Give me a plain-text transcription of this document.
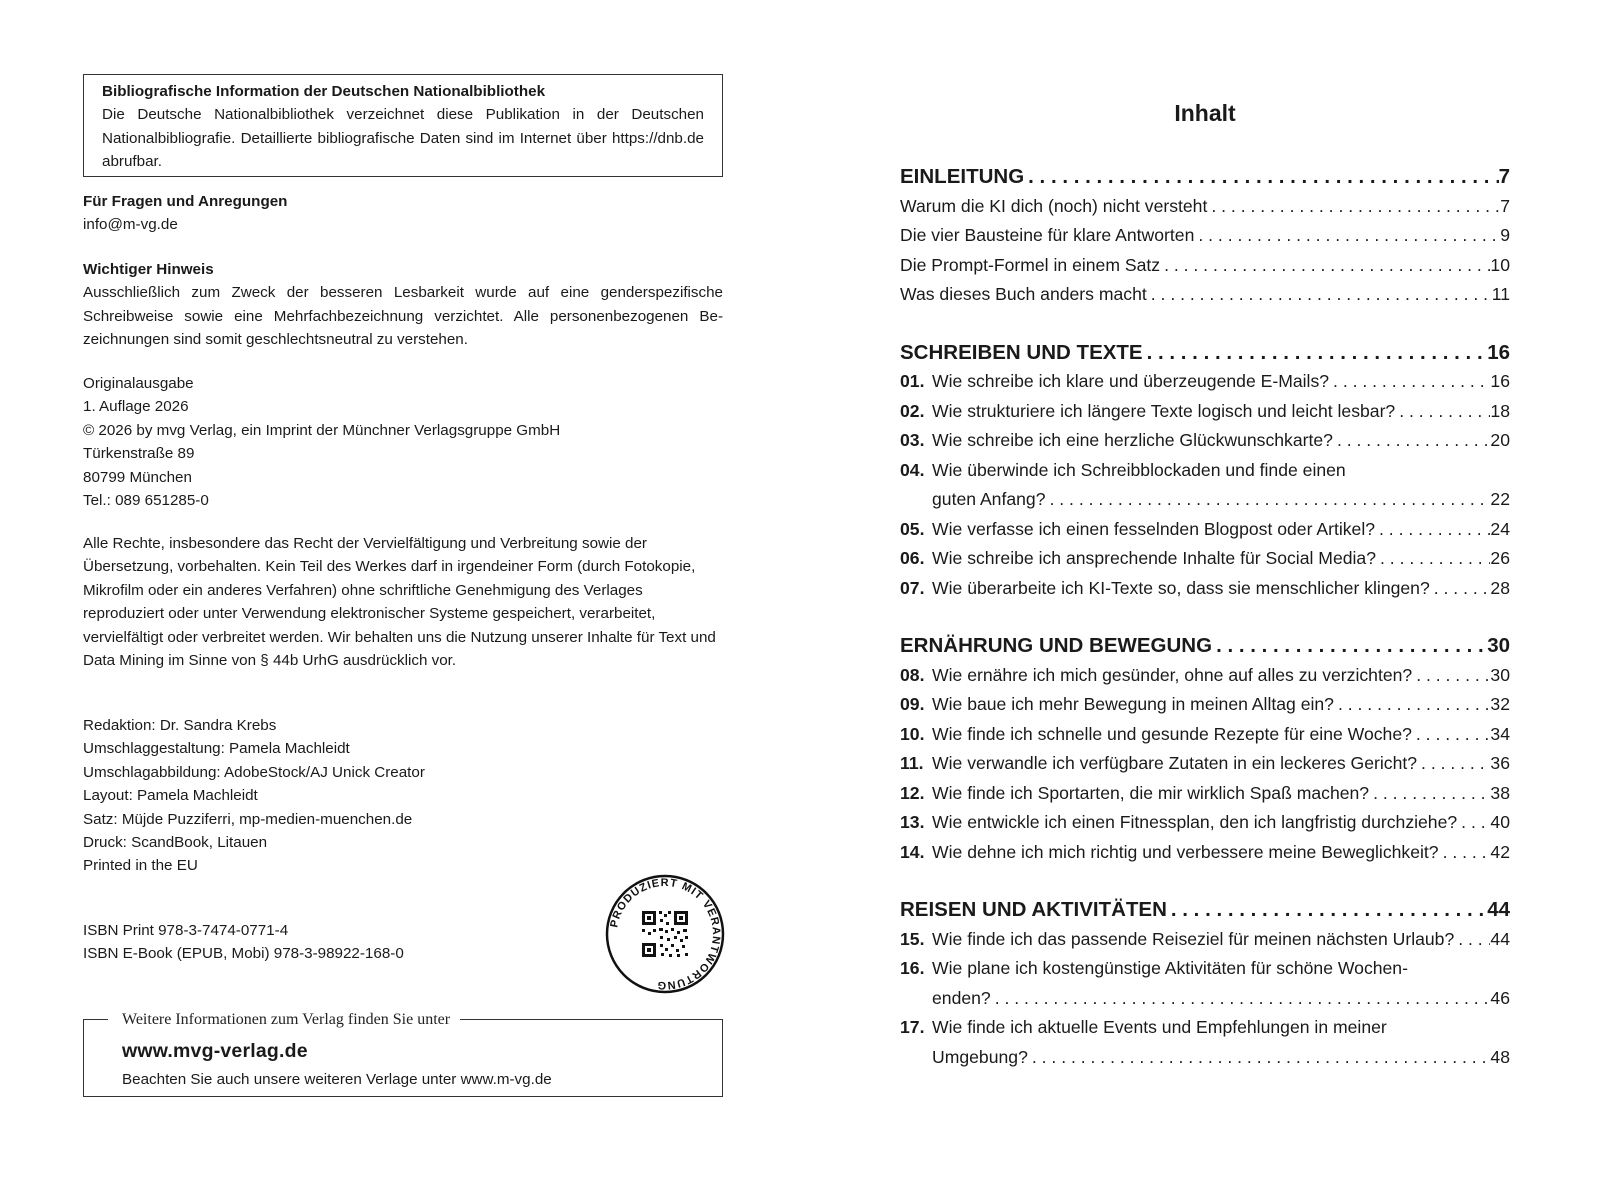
Bibliografische Information der Deutschen Nationalbibliothek
Die Deutsche Nationalbibliothek verzeichnet diese Publikation in der Deutschen Nationalbibliografie. Detaillierte bibliografische Daten sind im Internet über https://dnb.de abrufbar.
Für Fragen und Anregungen
info@m-vg.de
Wichtiger Hinweis
Ausschließlich zum Zweck der besseren Lesbarkeit wurde auf eine genderspezifische Schreibweise sowie eine Mehrfachbezeichnung verzichtet. Alle personenbezogenen Bezeichnungen sind somit geschlechtsneutral zu verstehen.
Originalausgabe
1. Auflage 2026
© 2026 by mvg Verlag, ein Imprint der Münchner Verlagsgruppe GmbH
Türkenstraße 89
80799 München
Tel.: 089 651285-0
Alle Rechte, insbesondere das Recht der Vervielfältigung und Verbreitung sowie der Übersetzung, vorbehalten. Kein Teil des Werkes darf in irgendeiner Form (durch Fotokopie, Mikrofilm oder ein anderes Verfahren) ohne schriftliche Genehmigung des Verlages reproduziert oder unter Verwendung elektronischer Systeme gespeichert, verarbeitet, vervielfältigt oder verbreitet werden. Wir behalten uns die Nutzung unserer Inhalte für Text und Data Mining im Sinne von § 44b UrhG ausdrücklich vor.
Redaktion: Dr. Sandra Krebs
Umschlaggestaltung: Pamela Machleidt
Umschlagabbildung: AdobeStock/AJ Unick Creator
Layout: Pamela Machleidt
Satz: Müjde Puzziferri, mp-medien-muenchen.de
Druck: ScandBook, Litauen
Printed in the EU
ISBN Print 978-3-7474-0771-4
ISBN E-Book (EPUB, Mobi) 978-3-98922-168-0
PRODUZIERT MIT VERANTWORTUNG
Weitere Informationen zum Verlag finden Sie unter
www.mvg-verlag.de
Beachten Sie auch unsere weiteren Verlage unter www.m-vg.de
Inhalt
EINLEITUNG . . .	7
Warum die KI dich (noch) nicht versteht . . .	7
Die vier Bausteine für klare Antworten . . .	9
Die Prompt-Formel in einem Satz . . .	10
Was dieses Buch anders macht . . .	11
SCHREIBEN UND TEXTE . . .	16
01. Wie schreibe ich klare und überzeugende E-Mails? . . .	16
02. Wie strukturiere ich längere Texte logisch und leicht lesbar? . . .	18
03. Wie schreibe ich eine herzliche Glückwunschkarte? . . .	20
04. Wie überwinde ich Schreibblockaden und finde einen
guten Anfang? . . .	22
05. Wie verfasse ich einen fesselnden Blogpost oder Artikel? . . .	24
06. Wie schreibe ich ansprechende Inhalte für Social Media? . . .	26
07. Wie überarbeite ich KI-Texte so, dass sie menschlicher klingen? . . .	28
ERNÄHRUNG UND BEWEGUNG . . .	30
08. Wie ernähre ich mich gesünder, ohne auf alles zu verzichten? . . .	30
09. Wie baue ich mehr Bewegung in meinen Alltag ein? . . .	32
10. Wie finde ich schnelle und gesunde Rezepte für eine Woche? . . .	34
11. Wie verwandle ich verfügbare Zutaten in ein leckeres Gericht? . . .	36
12. Wie finde ich Sportarten, die mir wirklich Spaß machen? . . .	38
13. Wie entwickle ich einen Fitnessplan, den ich langfristig durchziehe? . . . 40
14. Wie dehne ich mich richtig und verbessere meine Beweglichkeit? . . .	42
REISEN UND AKTIVITÄTEN . . .	44
15. Wie finde ich das passende Reiseziel für meinen nächsten Urlaub? . . . 44
16. Wie plane ich kostengünstige Aktivitäten für schöne Wochen-
enden? . . .	46
17. Wie finde ich aktuelle Events und Empfehlungen in meiner
Umgebung? . . .	48
